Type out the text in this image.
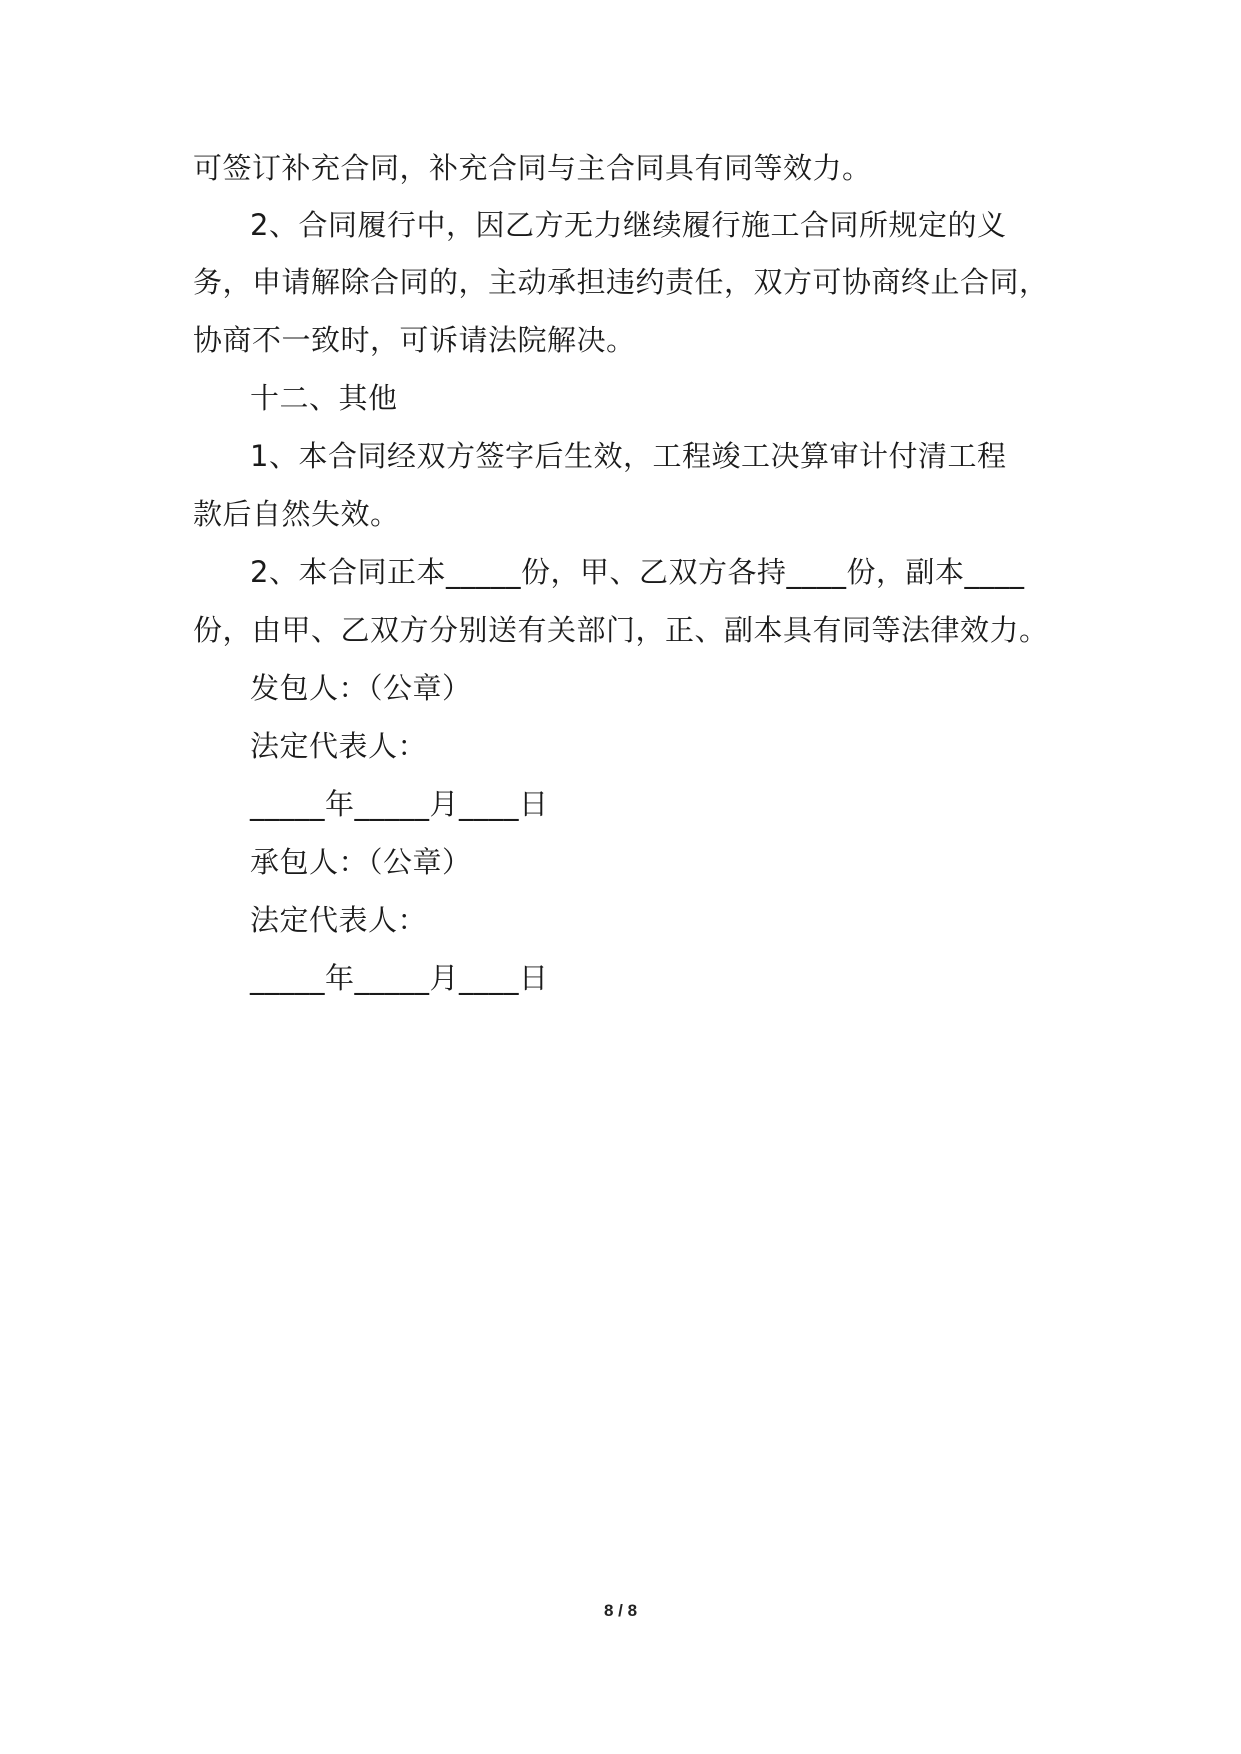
可签订补充合同，补充合同与主合同具有同等效力。
2、合同履行中，因乙方无力继续履行施工合同所规定的义
务，申请解除合同的，主动承担违约责任，双方可协商终止合同，
协商不一致时，可诉请法院解决。
十二、其他
1、本合同经双方签字后生效，工程竣工决算审计付清工程
款后自然失效。
2、本合同正本_____份，甲、乙双方各持____份，副本____
份，由甲、乙双方分别送有关部门，正、副本具有同等法律效力。
发包人：（公章）
法定代表人：
_____年_____月____日
承包人：（公章）
法定代表人：
_____年_____月____日
8 / 8
